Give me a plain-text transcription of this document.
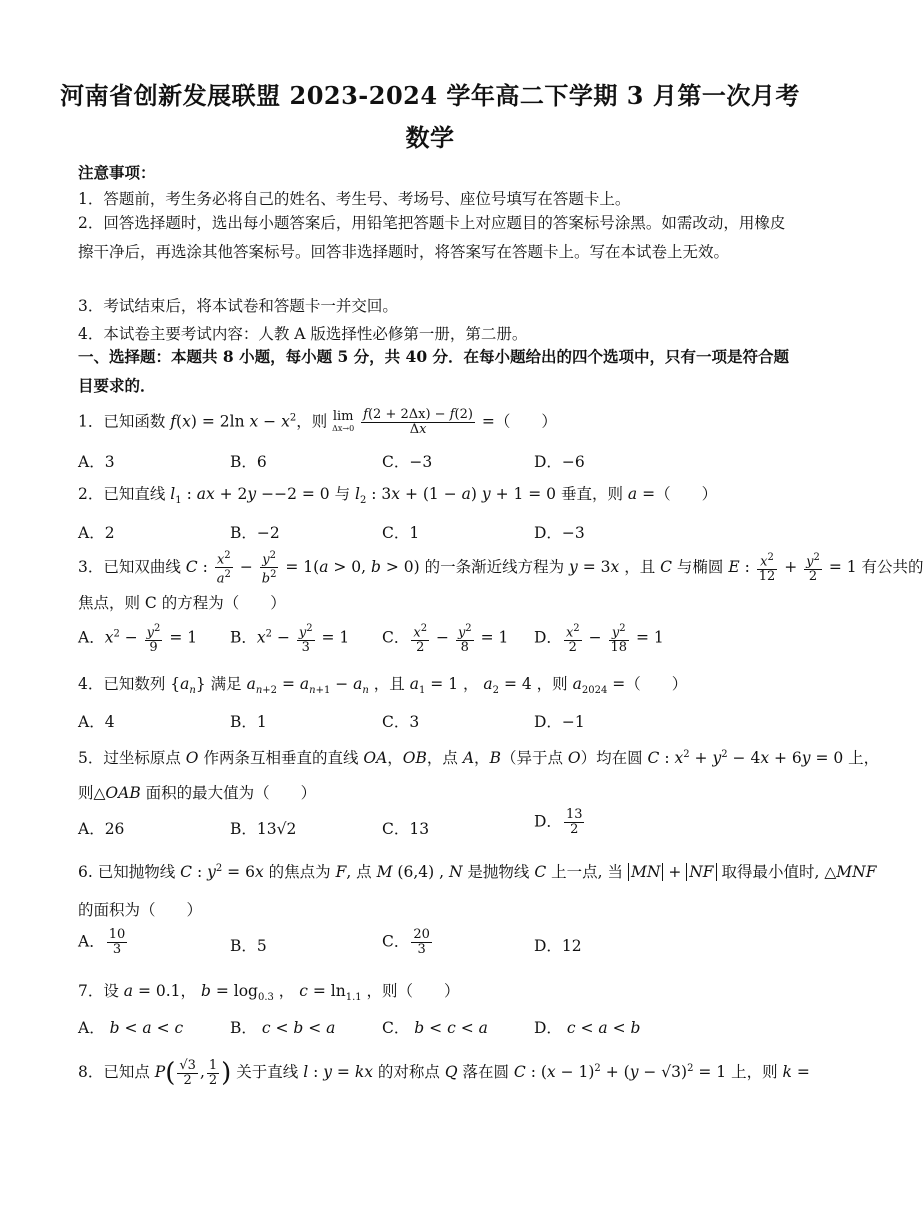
河南省创新发展联盟 2023-2024 学年高二下学期 3 月第一次月考
数学
注意事项：
1．答题前，考生务必将自己的姓名、考生号、考场号、座位号填写在答题卡上。
2．回答选择题时，选出每小题答案后，用铅笔把答题卡上对应题目的答案标号涂黑。如需改动，用橡皮擦干净后，再选涂其他答案标号。回答非选择题时，将答案写在答题卡上。写在本试卷上无效。
3．考试结束后，将本试卷和答题卡一并交回。
4．本试卷主要考试内容：人教 A 版选择性必修第一册，第二册。
一、选择题：本题共 8 小题，每小题 5 分，共 40 分．在每小题给出的四个选项中，只有一项是符合题目要求的．
1．已知函数 f(x) = 2ln $x - x^2$，则 lim
Δx→0
$\frac{f(2 + 2\Delta x) - f(2)}{\Delta x}$ =（　　）
A．3	B．6	C．−3	D．−6
2．已知直线 $l_1$ : ax + 2y −−2 = 0 与 $l_2$ : 3x + (1 − a) y + 1 = 0 垂直，则 a =（　　）
A．2	B．−2	C．1	D．−3
3．已知双曲线 C : $\frac{x^2}{a^2} - \frac{y^2}{b^2} = 1(a > 0$, b > 0) 的一条渐近线方程为 y = 3x ，且 C 与椭圆 E : $\frac{x^2}{12} + \frac{y^2}{2} = 1$ 有公共的
焦点，则 C 的方程为（　　）
A．$x^2 - \frac{y^2}{9} = 1$ B．$x^2 - \frac{y^2}{3} = 1$ C． $\frac{x^2}{2} - \frac{y^2}{8} = 1$ D． $\frac{x^2}{2} - \frac{y^2}{18} = 1$
4．已知数列 $\{a_n\}$ 满足 $a_{n+2} = a_{n+1} - a_n$ ，且 $a_1 = 1$ ， $a_2 = 4$ ，则 $a_{2024}$ =（　　）
A．4	B．1	C．3	D．−1
5．过坐标原点 O 作两条互相垂直的直线 OA，OB，点 A，B（异于点 O）均在圆 C : $x^2 + y^2 - 4x + 6y = 0$ 上，
则△OAB 面积的最大值为（　　）
A．26	B．13√2	C．13	D． $\frac{13}{2}$
6. 已知抛物线 C : $y^2 = 6x$ 的焦点为 F, 点 M (6,4) , N 是抛物线 C 上一点, 当 MN + NF 取得最小值时, △MNF
的面积为（　　）
A． $\frac{10}{3}$	B．5	C． $\frac{20}{3}$	D．12
7．设 a = 0.1， $b = \log_{0.3}$ ， $c = \ln_{1.1}$ ，则（　　）
A． b < a < c	B． c < b < a	C． b < c < a	D． c < a < b
8．已知点 $P( \frac{√3}{2}$ , $\frac{1}{2}$ ) 关于直线 l : y = kx 的对称点 Q 落在圆 C : $(x - 1)^2 + (y - √3)^2 = 1$ 上，则 k =
